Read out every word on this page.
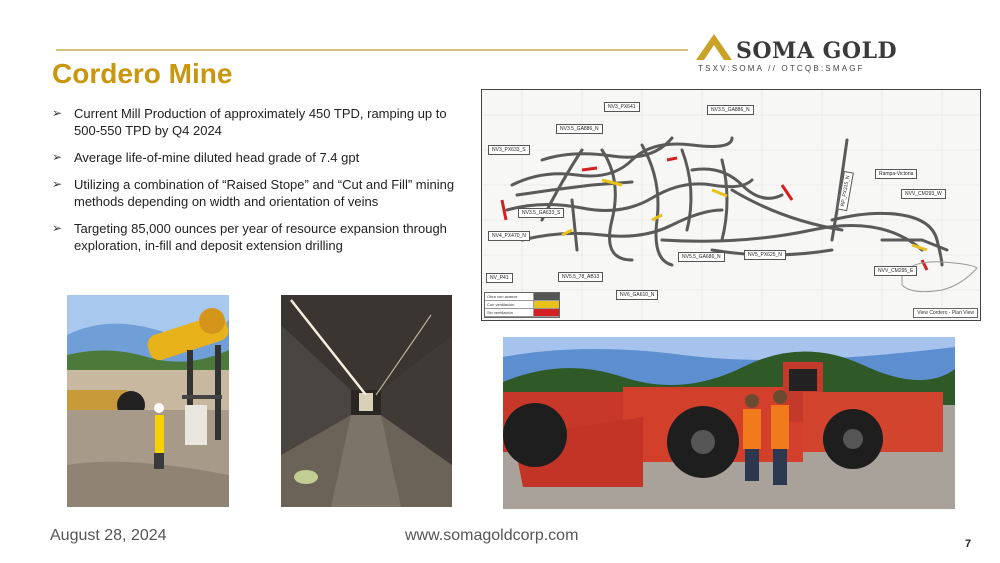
SOMA GOLD
TSXV:SOMA // OTCQB:SMAGF
Cordero Mine
➢ Current Mill Production of approximately 450 TPD, ramping up to 500-550 TPD by Q4 2024
➢ Average life-of-mine diluted head grade of 7.4 gpt
➢ Utilizing a combination of “Raised Stope” and “Cut and Fill” mining methods depending on width and orientation of veins
➢ Targeting 85,000 ounces per year of resource expansion through exploration, in-fill and deposit extension drilling
NV3_PX641
NV3.5_GA886_N
NV3.5_GA886_N
NV3_PX633_S
NV3.5_GA633_S
NV4_PX470_N
NV_P41	NV5.5_78_AB13
NV6_GA610_N
NV5.5_GA686_N	NV5_PX625_N
Rampa-Victoria
NVV_CM293_W
NVV_CM295_E
RP_PX315_N
Obra con avance
Con ventilación
Sin ventilación	View Cordero - Plan View
August 28, 2024	www.somagoldcorp.com	7
